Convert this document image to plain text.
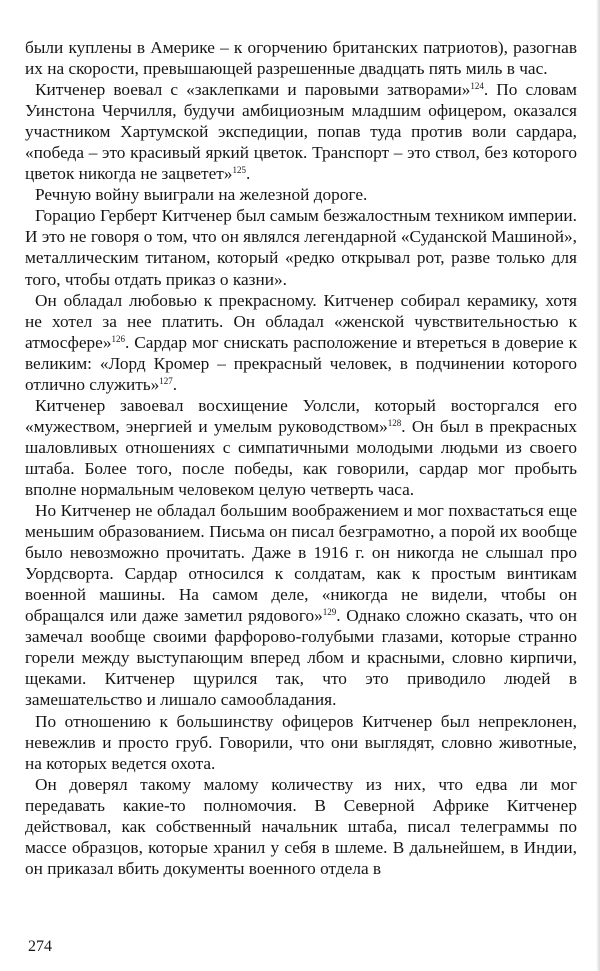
были куплены в Америке – к огорчению британских патриотов), разогнав их на скорости, превышающей разрешенные двадцать пять миль в час.

Китченер воевал с «заклепками и паровыми затворами»$^{124}$. По словам Уинстона Черчилля, будучи амбициозным младшим офицером, оказался участником Хартумской экспедиции, попав туда против воли сардара, «победа – это красивый яркий цветок. Транспорт – это ствол, без которого цветок никогда не зацветет»$^{125}$.

Речную войну выиграли на железной дороге.

Горацио Герберт Китченер был самым безжалостным техником империи. И это не говоря о том, что он являлся легендарной «Суданской Машиной», металлическим титаном, который «редко открывал рот, разве только для того, чтобы отдать приказ о казни».

Он обладал любовью к прекрасному. Китченер собирал керамику, хотя не хотел за нее платить. Он обладал «женской чувствительностью к атмосфере»$^{126}$. Сардар мог снискать расположение и втереться в доверие к великим: «Лорд Кромер – прекрасный человек, в подчинении которого отлично служить»$^{127}$.

Китченер завоевал восхищение Уолсли, который восторгался его «мужеством, энергией и умелым руководством»$^{128}$. Он был в прекрасных шаловливых отношениях с симпатичными молодыми людьми из своего штаба. Более того, после победы, как говорили, сардар мог пробыть вполне нормальным человеком целую четверть часа.

Но Китченер не обладал большим воображением и мог похвастаться еще меньшим образованием. Письма он писал безграмотно, а порой их вообще было невозможно прочитать. Даже в 1916 г. он никогда не слышал про Уордсворта. Сардар относился к солдатам, как к простым винтикам военной машины. На самом деле, «никогда не видели, чтобы он обращался или даже заметил рядового»$^{129}$. Однако сложно сказать, что он замечал вообще своими фарфорово-голубыми глазами, которые странно горели между выступающим вперед лбом и красными, словно кирпичи, щеками. Китченер щурился так, что это приводило людей в замешательство и лишало самообладания.

По отношению к большинству офицеров Китченер был непреклонен, невежлив и просто груб. Говорили, что они выглядят, словно животные, на которых ведется охота.

Он доверял такому малому количеству из них, что едва ли мог передавать какие-то полномочия. В Северной Африке Китченер действовал, как собственный начальник штаба, писал телеграммы по массе образцов, которые хранил у себя в шлеме. В дальнейшем, в Индии, он приказал вбить документы военного отдела в

274
